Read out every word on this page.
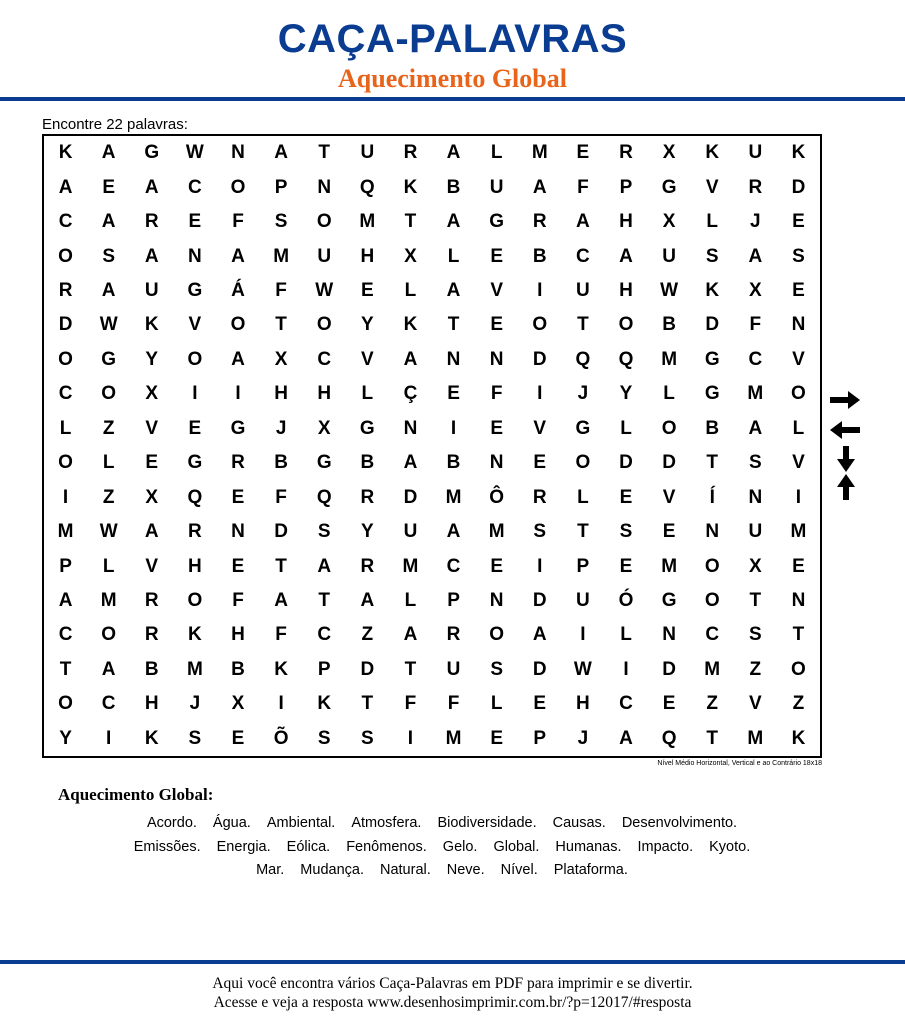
CAÇA-PALAVRAS
Aquecimento Global
Encontre 22 palavras:
K	A	G	W	N	A	T	U	R	A	L	M	E	R	X	K	U	K
A	E	A	C	O	P	N	Q	K	B	U	A	F	P	G	V	R	D
C	A	R	E	F	S	O	M	T	A	G	R	A	H	X	L	J	E
O	S	A	N	A	M	U	H	X	L	E	B	C	A	U	S	A	S
R	A	U	G	Á	F	W	E	L	A	V	I	U	H	W	K	X	E
D	W	K	V	O	T	O	Y	K	T	E	O	T	O	B	D	F	N
O	G	Y	O	A	X	C	V	A	N	N	D	Q	Q	M	G	C	V
C	O	X	I	I	H	H	L	Ç	E	F	I	J	Y	L	G	M	O
L	Z	V	E	G	J	X	G	N	I	E	V	G	L	O	B	A	L
O	L	E	G	R	B	G	B	A	B	N	E	O	D	D	T	S	V
I	Z	X	Q	E	F	Q	R	D	M	Ô	R	L	E	V	Í	N	I
M	W	A	R	N	D	S	Y	U	A	M	S	T	S	E	N	U	M
P	L	V	H	E	T	A	R	M	C	E	I	P	E	M	O	X	E
A	M	R	O	F	A	T	A	L	P	N	D	U	Ó	G	O	T	N
C	O	R	K	H	F	C	Z	A	R	O	A	I	L	N	C	S	T
T	A	B	M	B	K	P	D	T	U	S	D	W	I	D	M	Z	O
O	C	H	J	X	I	K	T	F	F	L	E	H	C	E	Z	V	Z
Y	I	K	S	E	Õ	S	S	I	M	E	P	J	A	Q	T	M	K
Nível Médio Horizontal, Vertical e ao Contrário 18x18
Aquecimento Global:
Acordo. Água. Ambiental. Atmosfera. Biodiversidade. Causas. Desenvolvimento.
Emissões. Energia. Eólica. Fenômenos. Gelo. Global. Humanas. Impacto. Kyoto.
Mar. Mudança. Natural. Neve. Nível. Plataforma.
Aqui você encontra vários Caça-Palavras em PDF para imprimir e se divertir.
Acesse e veja a resposta www.desenhosimprimir.com.br/?p=12017/#resposta
